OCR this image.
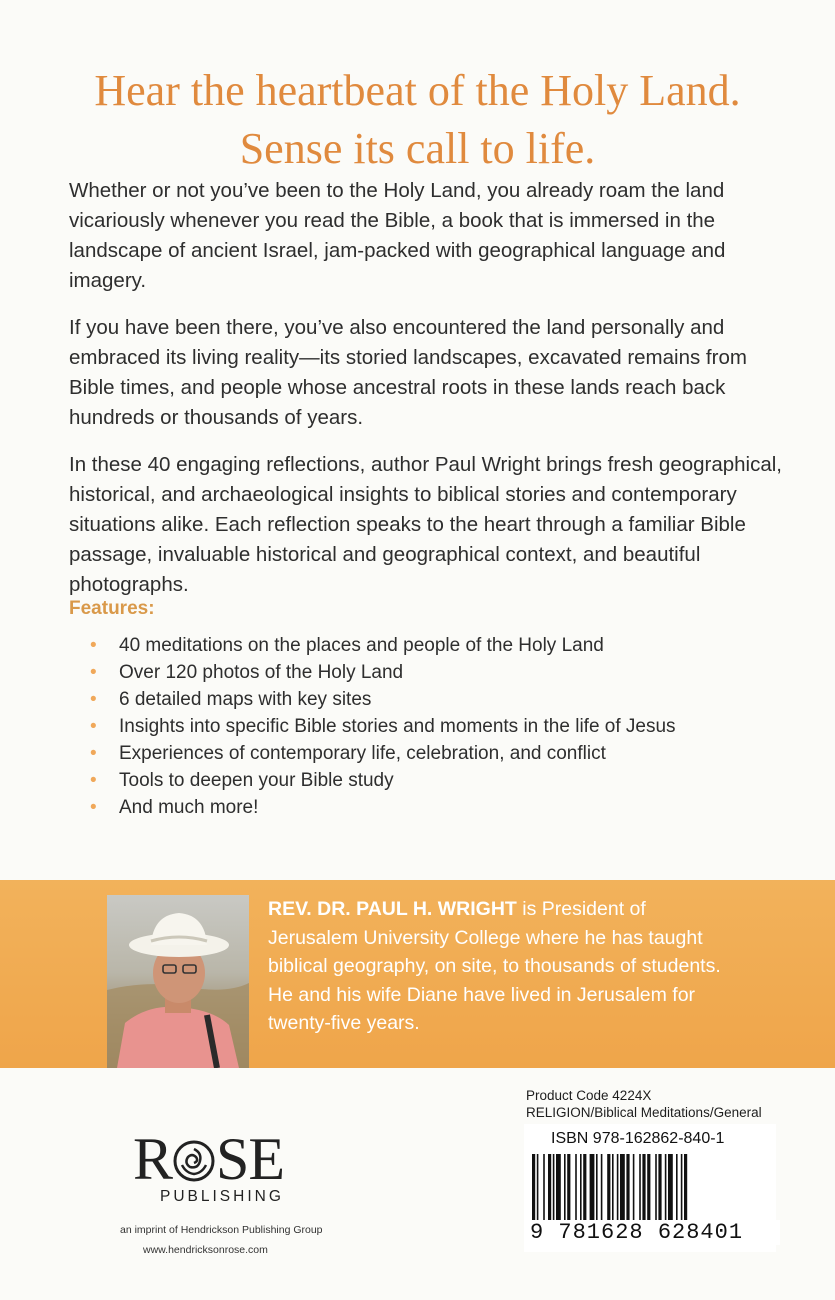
Hear the heartbeat of the Holy Land.
Sense its call to life.

Whether or not you’ve been to the Holy Land, you already roam the land vicariously whenever you read the Bible, a book that is immersed in the landscape of ancient Israel, jam-packed with geographical language and imagery.

If you have been there, you’ve also encountered the land personally and embraced its living reality—its storied landscapes, excavated remains from Bible times, and people whose ancestral roots in these lands reach back hundreds or thousands of years.

In these 40 engaging reflections, author Paul Wright brings fresh geographical, historical, and archaeological insights to biblical stories and contemporary situations alike. Each reflection speaks to the heart through a familiar Bible passage, invaluable historical and geographical context, and beautiful photographs.

Features:
• 40 meditations on the places and people of the Holy Land
• Over 120 photos of the Holy Land
• 6 detailed maps with key sites
• Insights into specific Bible stories and moments in the life of Jesus
• Experiences of contemporary life, celebration, and conflict
• Tools to deepen your Bible study
• And much more!
REV. DR. PAUL H. WRIGHT is President of Jerusalem University College where he has taught biblical geography, on site, to thousands of students. He and his wife Diane have lived in Jerusalem for twenty-five years.
Product Code 4224X
RELIGION/Biblical Meditations/General
ISBN 978-162862-840-1
9 781628 628401
R SE
PUBLISHING
an imprint of Hendrickson Publishing Group
www.hendricksonrose.com
